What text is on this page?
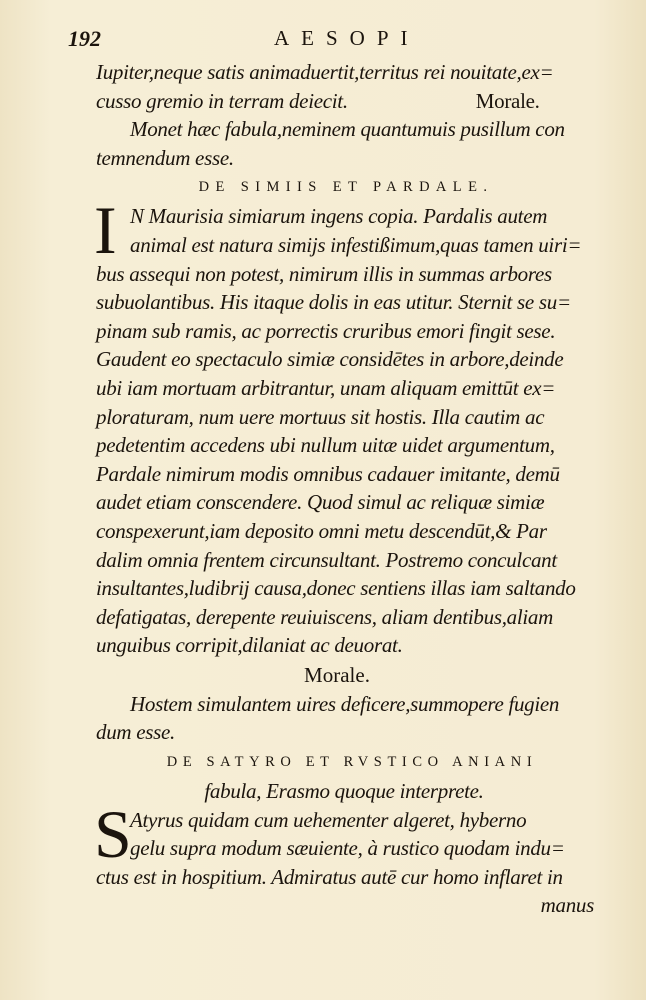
192	AESOPI
Iupiter,neque satis animaduertit,territus rei nouitate,ex=
cusso gremio in terram deiecit.	Morale.
Monet hæc fabula,neminem quantumuis pusillum con
temnendum esse.
DE SIMIIS ET PARDALE.
I N Maurisia simiarum ingens copia. Pardalis autem
animal est natura simijs infestißimum,quas tamen uiri=
bus assequi non potest, nimirum illis in summas arbores
subuolantibus. His itaque dolis in eas utitur. Sternit se su=
pinam sub ramis, ac porrectis cruribus emori fingit sese.
Gaudent eo spectaculo simiæ considētes in arbore,deinde
ubi iam mortuam arbitrantur, unam aliquam emittūt ex=
ploraturam, num uere mortuus sit hostis. Illa cautim ac
pedetentim accedens ubi nullum uitæ uidet argumentum,
Pardale nimirum modis omnibus cadauer imitante, demū
audet etiam conscendere. Quod simul ac reliquæ simiæ
conspexerunt,iam deposito omni metu descendūt,& Par
dalim omnia frentem circunsultant. Postremo conculcant
insultantes,ludibrij causa,donec sentiens illas iam saltando
defatigatas, derepente reuiuiscens, aliam dentibus,aliam
unguibus corripit,dilaniat ac deuorat.
Morale.
Hostem simulantem uires deficere,summopere fugien
dum esse.
DE SATYRO ET RVSTICO ANIANI
fabula, Erasmo quoque interprete.
S
Atyrus quidam cum uehementer algeret, hyberno
gelu supra modum sæuiente, à rustico quodam indu=
ctus est in hospitium. Admiratus autē cur homo inflaret in
manus
